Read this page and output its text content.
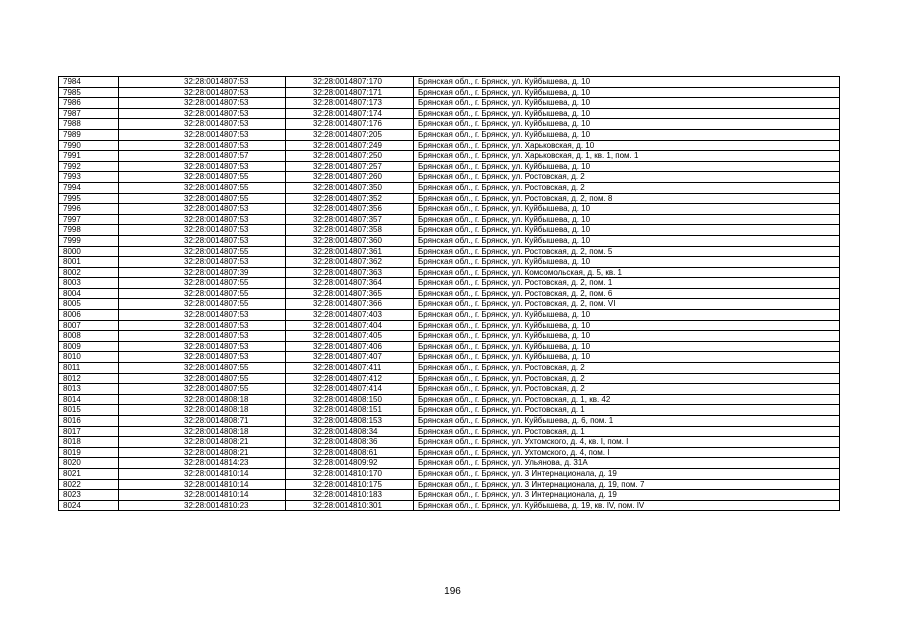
7984	32:28:0014807:53	32:28:0014807:170	Брянская обл., г. Брянск, ул. Куйбышева, д. 10
7985	32:28:0014807:53	32:28:0014807:171	Брянская обл., г. Брянск, ул. Куйбышева, д. 10
7986	32:28:0014807:53	32:28:0014807:173	Брянская обл., г. Брянск, ул. Куйбышева, д. 10
7987	32:28:0014807:53	32:28:0014807:174	Брянская обл., г. Брянск, ул. Куйбышева, д. 10
7988	32:28:0014807:53	32:28:0014807:176	Брянская обл., г. Брянск, ул. Куйбышева, д. 10
7989	32:28:0014807:53	32:28:0014807:205	Брянская обл., г. Брянск, ул. Куйбышева, д. 10
7990	32:28:0014807:53	32:28:0014807:249	Брянская обл., г. Брянск, ул. Харьковская, д. 10
7991	32:28:0014807:57	32:28:0014807:250	Брянская обл., г. Брянск, ул. Харьковская, д. 1, кв. 1, пом. 1
7992	32:28:0014807:53	32:28:0014807:257	Брянская обл., г. Брянск, ул. Куйбышева, д. 10
7993	32:28:0014807:55	32:28:0014807:260	Брянская обл., г. Брянск, ул. Ростовская, д. 2
7994	32:28:0014807:55	32:28:0014807:350	Брянская обл., г. Брянск, ул. Ростовская, д. 2
7995	32:28:0014807:55	32:28:0014807:352	Брянская обл., г. Брянск, ул. Ростовская, д. 2, пом. 8
7996	32:28:0014807:53	32:28:0014807:356	Брянская обл., г. Брянск, ул. Куйбышева, д. 10
7997	32:28:0014807:53	32:28:0014807:357	Брянская обл., г. Брянск, ул. Куйбышева, д. 10
7998	32:28:0014807:53	32:28:0014807:358	Брянская обл., г. Брянск, ул. Куйбышева, д. 10
7999	32:28:0014807:53	32:28:0014807:360	Брянская обл., г. Брянск, ул. Куйбышева, д. 10
8000	32:28:0014807:55	32:28:0014807:361	Брянская обл., г. Брянск, ул. Ростовская, д. 2, пом. 5
8001	32:28:0014807:53	32:28:0014807:362	Брянская обл., г. Брянск, ул. Куйбышева, д. 10
8002	32:28:0014807:39	32:28:0014807:363	Брянская обл., г. Брянск, ул. Комсомольская, д. 5, кв. 1
8003	32:28:0014807:55	32:28:0014807:364	Брянская обл., г. Брянск, ул. Ростовская, д. 2, пом. 1
8004	32:28:0014807:55	32:28:0014807:365	Брянская обл., г. Брянск, ул. Ростовская, д. 2, пом. 6
8005	32:28:0014807:55	32:28:0014807:366	Брянская обл., г. Брянск, ул. Ростовская, д. 2, пом. VI
8006	32:28:0014807:53	32:28:0014807:403	Брянская обл., г. Брянск, ул. Куйбышева, д. 10
8007	32:28:0014807:53	32:28:0014807:404	Брянская обл., г. Брянск, ул. Куйбышева, д. 10
8008	32:28:0014807:53	32:28:0014807:405	Брянская обл., г. Брянск, ул. Куйбышева, д. 10
8009	32:28:0014807:53	32:28:0014807:406	Брянская обл., г. Брянск, ул. Куйбышева, д. 10
8010	32:28:0014807:53	32:28:0014807:407	Брянская обл., г. Брянск, ул. Куйбышева, д. 10
8011	32:28:0014807:55	32:28:0014807:411	Брянская обл., г. Брянск, ул. Ростовская, д. 2
8012	32:28:0014807:55	32:28:0014807:412	Брянская обл., г. Брянск, ул. Ростовская, д. 2
8013	32:28:0014807:55	32:28:0014807:414	Брянская обл., г. Брянск, ул. Ростовская, д. 2
8014	32:28:0014808:18	32:28:0014808:150	Брянская обл., г. Брянск, ул. Ростовская, д. 1, кв. 42
8015	32:28:0014808:18	32:28:0014808:151	Брянская обл., г. Брянск, ул. Ростовская, д. 1
8016	32:28:0014808:71	32:28:0014808:153	Брянская обл., г. Брянск, ул. Куйбышева, д. 6, пом. 1
8017	32:28:0014808:18	32:28:0014808:34	Брянская обл., г. Брянск, ул. Ростовская, д. 1
8018	32:28:0014808:21	32:28:0014808:36	Брянская обл., г. Брянск, ул. Ухтомского, д. 4, кв. I, пом. I
8019	32:28:0014808:21	32:28:0014808:61	Брянская обл., г. Брянск, ул. Ухтомского, д. 4, пом. I
8020	32:28:0014814:23	32:28:0014809:92	Брянская обл., г. Брянск, ул. Ульянова, д. 31А
8021	32:28:0014810:14	32:28:0014810:170	Брянская обл., г. Брянск, ул. 3 Интернационала, д. 19
8022	32:28:0014810:14	32:28:0014810:175	Брянская обл., г. Брянск, ул. 3 Интернационала, д. 19, пом. 7
8023	32:28:0014810:14	32:28:0014810:183	Брянская обл., г. Брянск, ул. 3 Интернационала, д. 19
8024	32:28:0014810:23	32:28:0014810:301	Брянская обл., г. Брянск, ул. Куйбышева, д. 19, кв. IV, пом. IV
196
